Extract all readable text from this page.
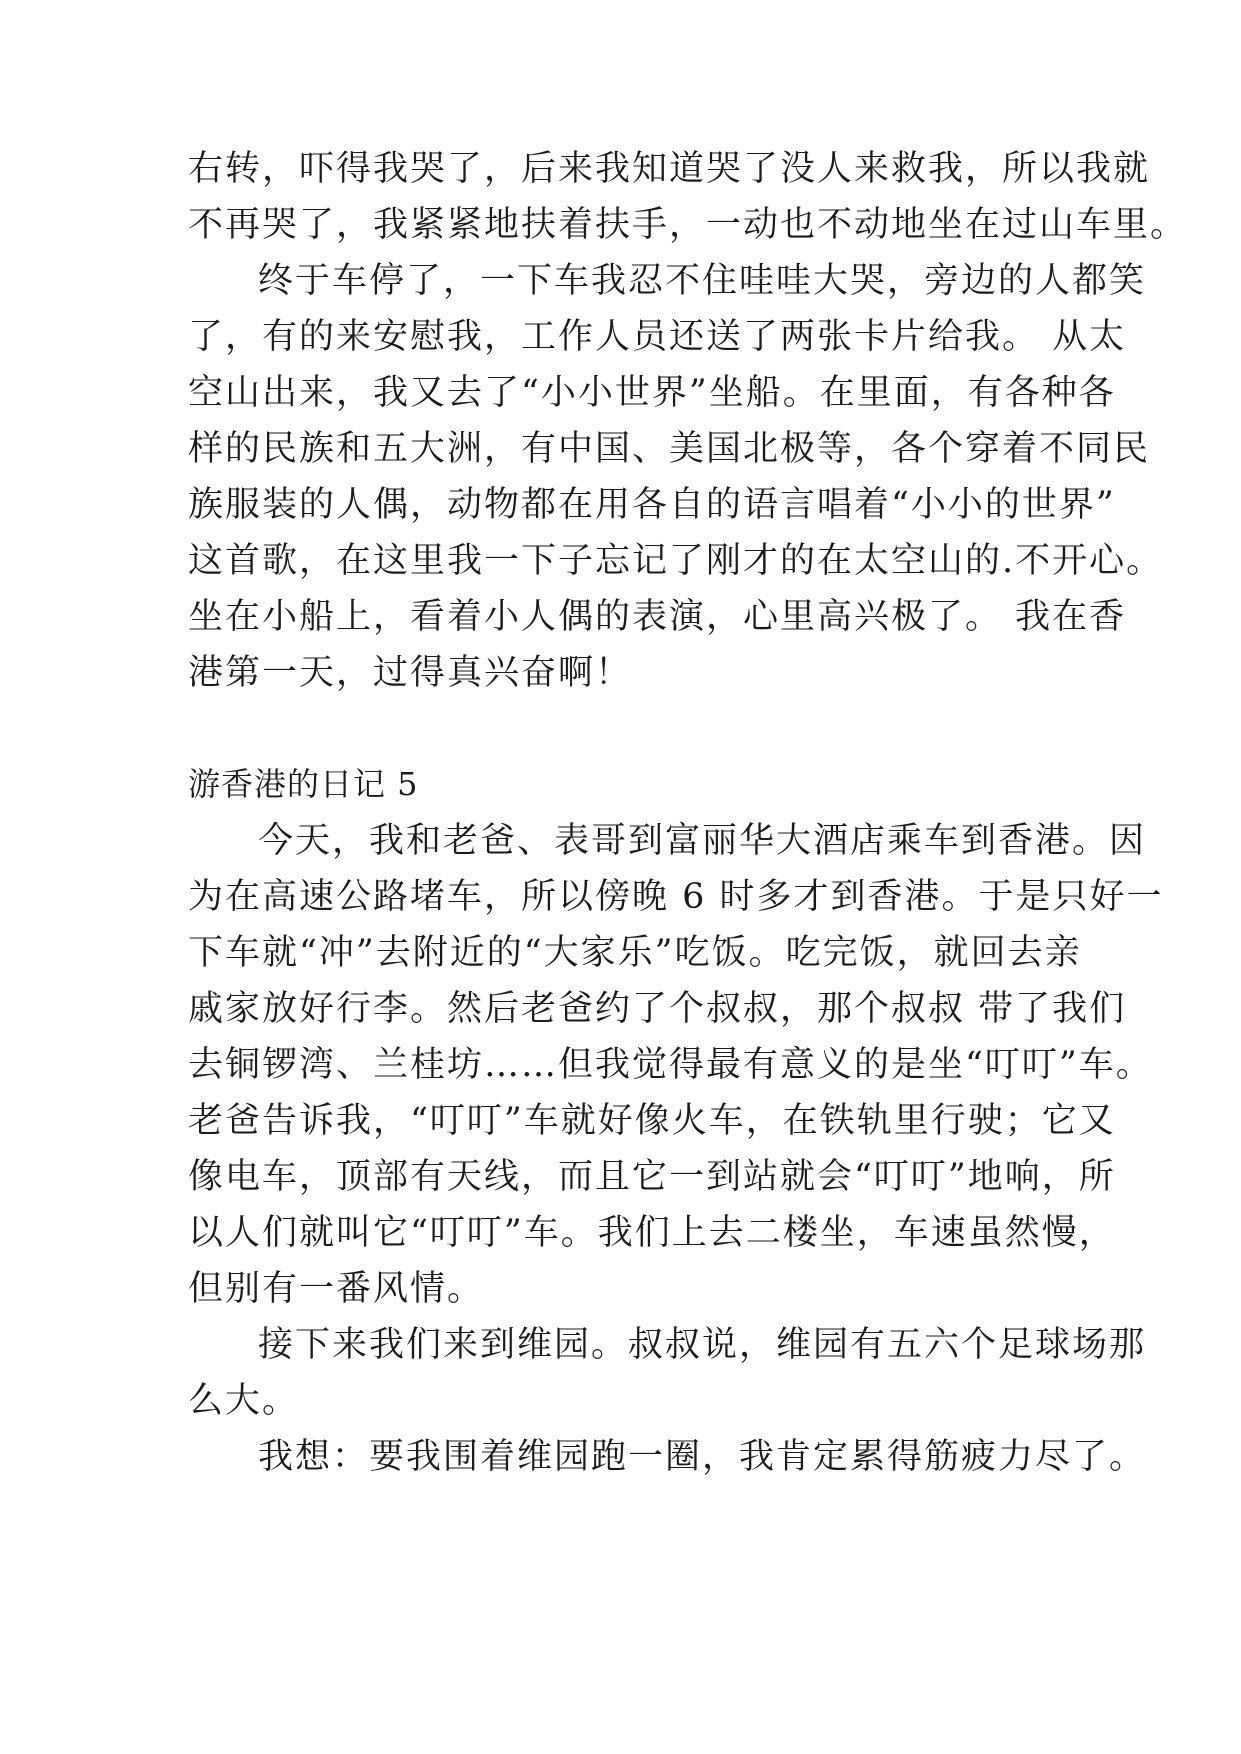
右转，吓得我哭了，后来我知道哭了没人来救我，所以我就
不再哭了，我紧紧地扶着扶手，一动也不动地坐在过山车里。
终于车停了，一下车我忍不住哇哇大哭，旁边的人都笑
了，有的来安慰我，工作人员还送了两张卡片给我。 从太
空山出来，我又去了“小小世界”坐船。在里面，有各种各
样的民族和五大洲，有中国、美国北极等，各个穿着不同民
族服装的人偶，动物都在用各自的语言唱着“小小的世界”
这首歌，在这里我一下子忘记了刚才的在太空山的.不开心。
坐在小船上，看着小人偶的表演，心里高兴极了。 我在香
港第一天，过得真兴奋啊！
游香港的日记 5
今天，我和老爸、表哥到富丽华大酒店乘车到香港。因
为在高速公路堵车，所以傍晚 6 时多才到香港。于是只好一
下车就“冲”去附近的“大家乐”吃饭。吃完饭，就回去亲
戚家放好行李。然后老爸约了个叔叔，那个叔叔 带了我们
去铜锣湾、兰桂坊……但我觉得最有意义的是坐“叮叮”车。
老爸告诉我，“叮叮”车就好像火车，在铁轨里行驶；它又
像电车，顶部有天线，而且它一到站就会“叮叮”地响，所
以人们就叫它“叮叮”车。我们上去二楼坐，车速虽然慢，
但别有一番风情。
接下来我们来到维园。叔叔说，维园有五六个足球场那
么大。
我想：要我围着维园跑一圈，我肯定累得筋疲力尽了。
